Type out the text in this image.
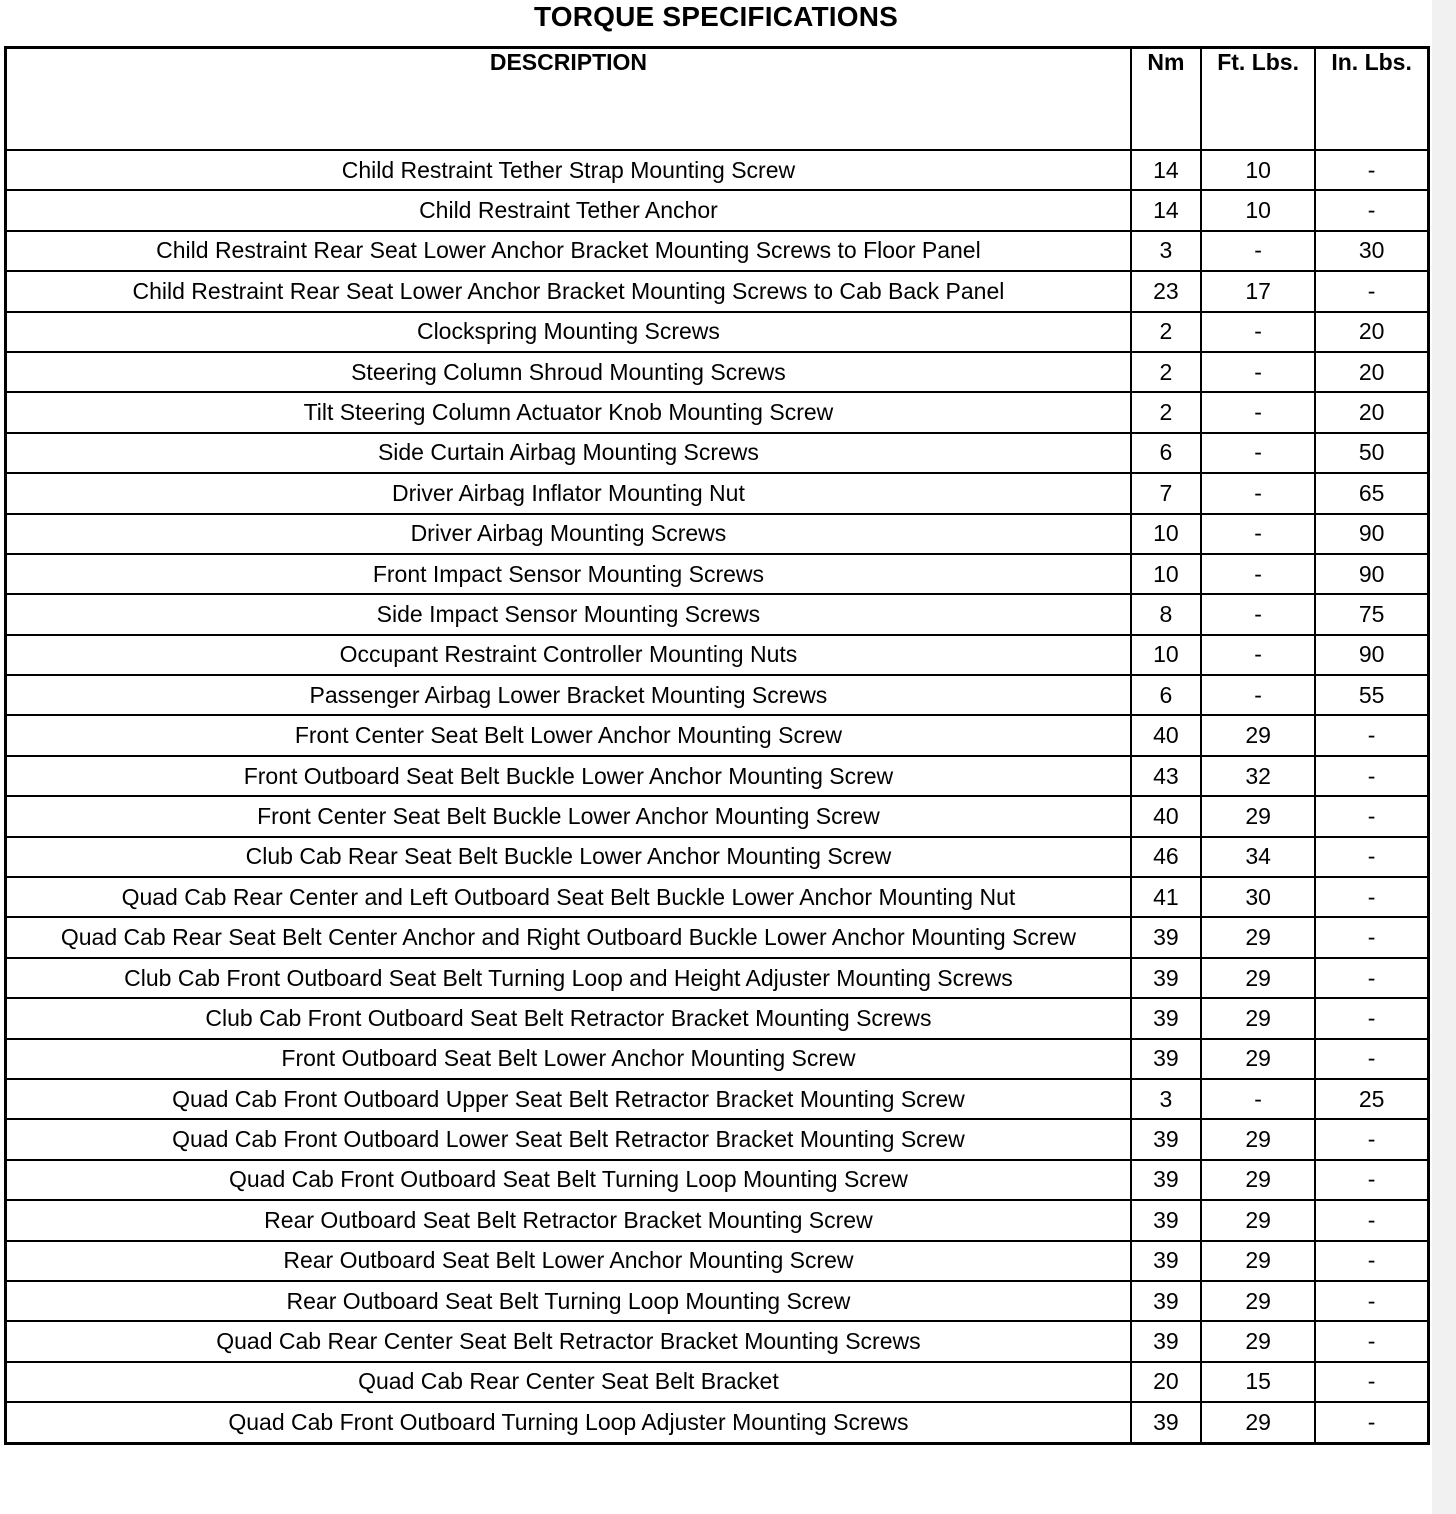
TORQUE SPECIFICATIONS
DESCRIPTION	Nm	Ft. Lbs.	In. Lbs.
Child Restraint Tether Strap Mounting Screw	14	10	-
Child Restraint Tether Anchor	14	10	-
Child Restraint Rear Seat Lower Anchor Bracket Mounting Screws to Floor Panel	3	-	30
Child Restraint Rear Seat Lower Anchor Bracket Mounting Screws to Cab Back Panel	23	17	-
Clockspring Mounting Screws	2	-	20
Steering Column Shroud Mounting Screws	2	-	20
Tilt Steering Column Actuator Knob Mounting Screw	2	-	20
Side Curtain Airbag Mounting Screws	6	-	50
Driver Airbag Inflator Mounting Nut	7	-	65
Driver Airbag Mounting Screws	10	-	90
Front Impact Sensor Mounting Screws	10	-	90
Side Impact Sensor Mounting Screws	8	-	75
Occupant Restraint Controller Mounting Nuts	10	-	90
Passenger Airbag Lower Bracket Mounting Screws	6	-	55
Front Center Seat Belt Lower Anchor Mounting Screw	40	29	-
Front Outboard Seat Belt Buckle Lower Anchor Mounting Screw	43	32	-
Front Center Seat Belt Buckle Lower Anchor Mounting Screw	40	29	-
Club Cab Rear Seat Belt Buckle Lower Anchor Mounting Screw	46	34	-
Quad Cab Rear Center and Left Outboard Seat Belt Buckle Lower Anchor Mounting Nut	41	30	-
Quad Cab Rear Seat Belt Center Anchor and Right Outboard Buckle Lower Anchor Mounting Screw	39	29	-
Club Cab Front Outboard Seat Belt Turning Loop and Height Adjuster Mounting Screws	39	29	-
Club Cab Front Outboard Seat Belt Retractor Bracket Mounting Screws	39	29	-
Front Outboard Seat Belt Lower Anchor Mounting Screw	39	29	-
Quad Cab Front Outboard Upper Seat Belt Retractor Bracket Mounting Screw	3	-	25
Quad Cab Front Outboard Lower Seat Belt Retractor Bracket Mounting Screw	39	29	-
Quad Cab Front Outboard Seat Belt Turning Loop Mounting Screw	39	29	-
Rear Outboard Seat Belt Retractor Bracket Mounting Screw	39	29	-
Rear Outboard Seat Belt Lower Anchor Mounting Screw	39	29	-
Rear Outboard Seat Belt Turning Loop Mounting Screw	39	29	-
Quad Cab Rear Center Seat Belt Retractor Bracket Mounting Screws	39	29	-
Quad Cab Rear Center Seat Belt Bracket	20	15	-
Quad Cab Front Outboard Turning Loop Adjuster Mounting Screws	39	29	-
